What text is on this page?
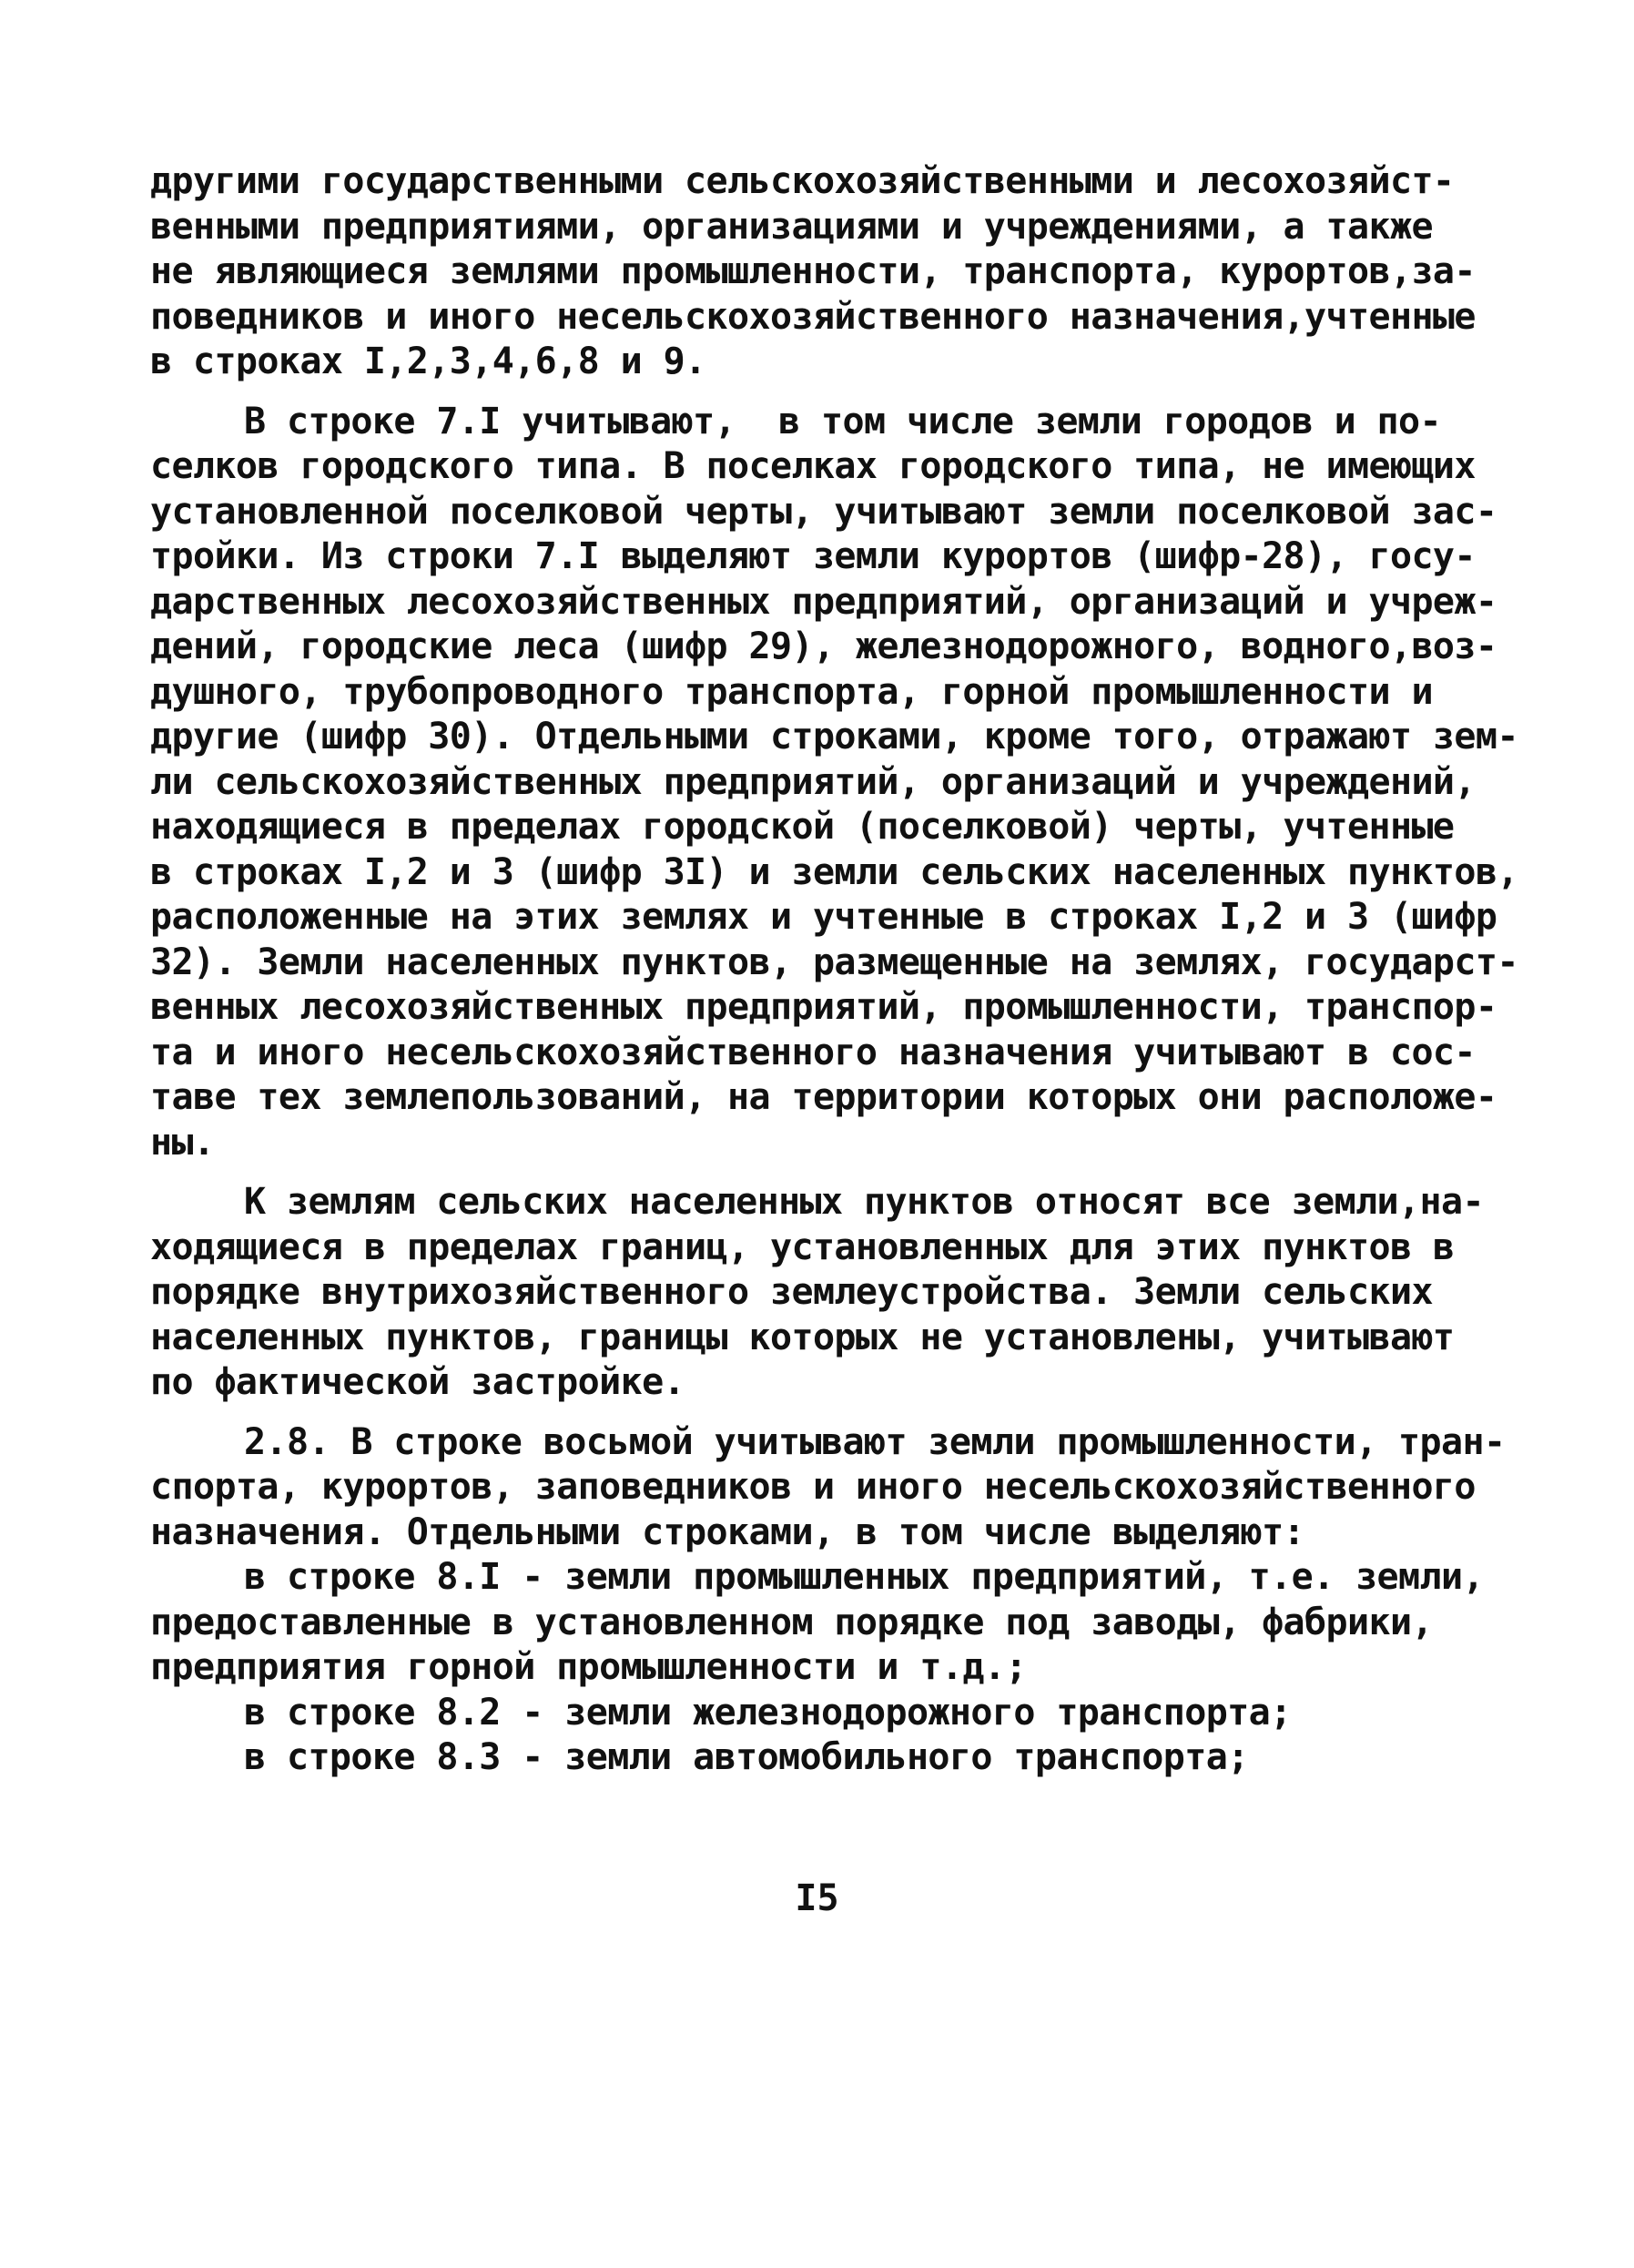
другими государственными сельскохозяйственными и лесохозяйст-
венными предприятиями, организациями и учреждениями, а также
не являющиеся землями промышленности, транспорта, курортов,за-
поведников и иного несельскохозяйственного назначения,учтенные
в строках I,2,3,4,6,8 и 9.
В строке 7.I учитывают,  в том числе земли городов и по-
селков городского типа. В поселках городского типа, не имеющих
установленной поселковой черты, учитывают земли поселковой зас-
тройки. Из строки 7.I выделяют земли курортов (шифр-28), госу-
дарственных лесохозяйственных предприятий, организаций и учреж-
дений, городские леса (шифр 29), железнодорожного, водного,воз-
душного, трубопроводного транспорта, горной промышленности и
другие (шифр 30). Отдельными строками, кроме того, отражают зем-
ли сельскохозяйственных предприятий, организаций и учреждений,
находящиеся в пределах городской (поселковой) черты, учтенные
в строках I,2 и 3 (шифр 3I) и земли сельских населенных пунктов,
расположенные на этих землях и учтенные в строках I,2 и 3 (шифр
32). Земли населенных пунктов, размещенные на землях, государст-
венных лесохозяйственных предприятий, промышленности, транспор-
та и иного несельскохозяйственного назначения учитывают в сос-
таве тех землепользований, на территории которых они расположе-
ны.
К землям сельских населенных пунктов относят все земли,на-
ходящиеся в пределах границ, установленных для этих пунктов в
порядке внутрихозяйственного землеустройства. Земли сельских
населенных пунктов, границы которых не установлены, учитывают
по фактической застройке.
2.8. В строке восьмой учитывают земли промышленности, тран-
спорта, курортов, заповедников и иного несельскохозяйственного
назначения. Отдельными строками, в том числе выделяют:
в строке 8.I - земли промышленных предприятий, т.е. земли,
предоставленные в установленном порядке под заводы, фабрики,
предприятия горной промышленности и т.д.;
в строке 8.2 - земли железнодорожного транспорта;
в строке 8.3 - земли автомобильного транспорта;
I5
